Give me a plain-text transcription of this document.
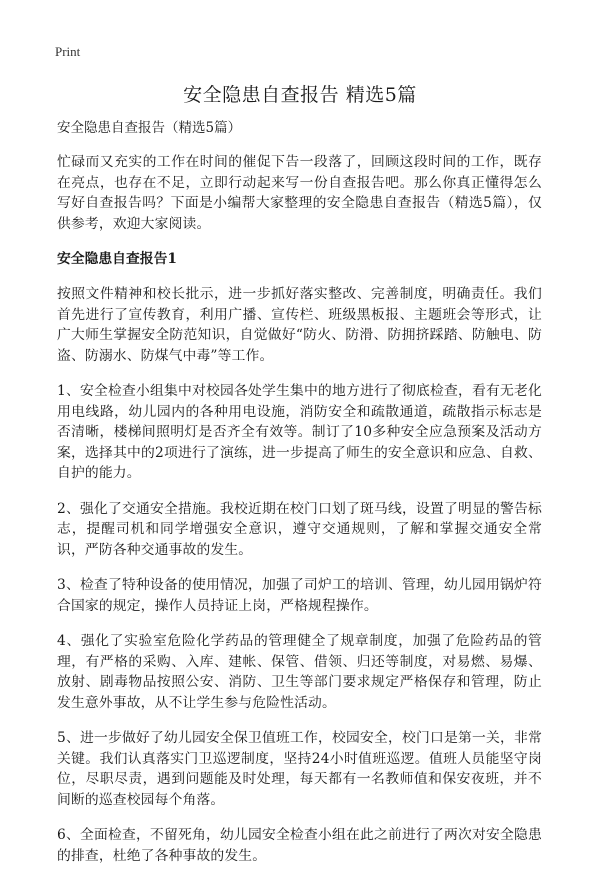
Print
安全隐患自查报告 精选5篇

安全隐患自查报告（精选5篇）

忙碌而又充实的工作在时间的催促下告一段落了，回顾这段时间的工作，既存在亮点，也存在不足，立即行动起来写一份自查报告吧。那么你真正懂得怎么写好自查报告吗？下面是小编帮大家整理的安全隐患自查报告（精选5篇），仅供参考，欢迎大家阅读。

安全隐患自查报告1

按照文件精神和校长批示，进一步抓好落实整改、完善制度，明确责任。我们首先进行了宣传教育，利用广播、宣传栏、班级黑板报、主题班会等形式，让广大师生掌握安全防范知识，自觉做好“防火、防滑、防拥挤踩踏、防触电、防盗、防溺水、防煤气中毒”等工作。

1、安全检查小组集中对校园各处学生集中的地方进行了彻底检查，看有无老化用电线路，幼儿园内的各种用电设施，消防安全和疏散通道，疏散指示标志是否清晰，楼梯间照明灯是否齐全有效等。制订了10多种安全应急预案及活动方案，选择其中的2项进行了演练，进一步提高了师生的安全意识和应急、自救、自护的能力。

2、强化了交通安全措施。我校近期在校门口划了斑马线，设置了明显的警告标志，提醒司机和同学增强安全意识，遵守交通规则，了解和掌握交通安全常识，严防各种交通事故的发生。

3、检查了特种设备的使用情况，加强了司炉工的培训、管理，幼儿园用锅炉符合国家的规定，操作人员持证上岗，严格规程操作。

4、强化了实验室危险化学药品的管理健全了规章制度，加强了危险药品的管理，有严格的采购、入库、建帐、保管、借领、归还等制度，对易燃、易爆、放射、剧毒物品按照公安、消防、卫生等部门要求规定严格保存和管理，防止发生意外事故，从不让学生参与危险性活动。

5、进一步做好了幼儿园安全保卫值班工作，校园安全，校门口是第一关，非常关键。我们认真落实门卫巡逻制度，坚持24小时值班巡逻。值班人员能坚守岗位，尽职尽责，遇到问题能及时处理，每天都有一名教师值和保安夜班，并不间断的巡查校园每个角落。

6、全面检查，不留死角，幼儿园安全检查小组在此之前进行了两次对安全隐患的排查，杜绝了各种事故的发生。
